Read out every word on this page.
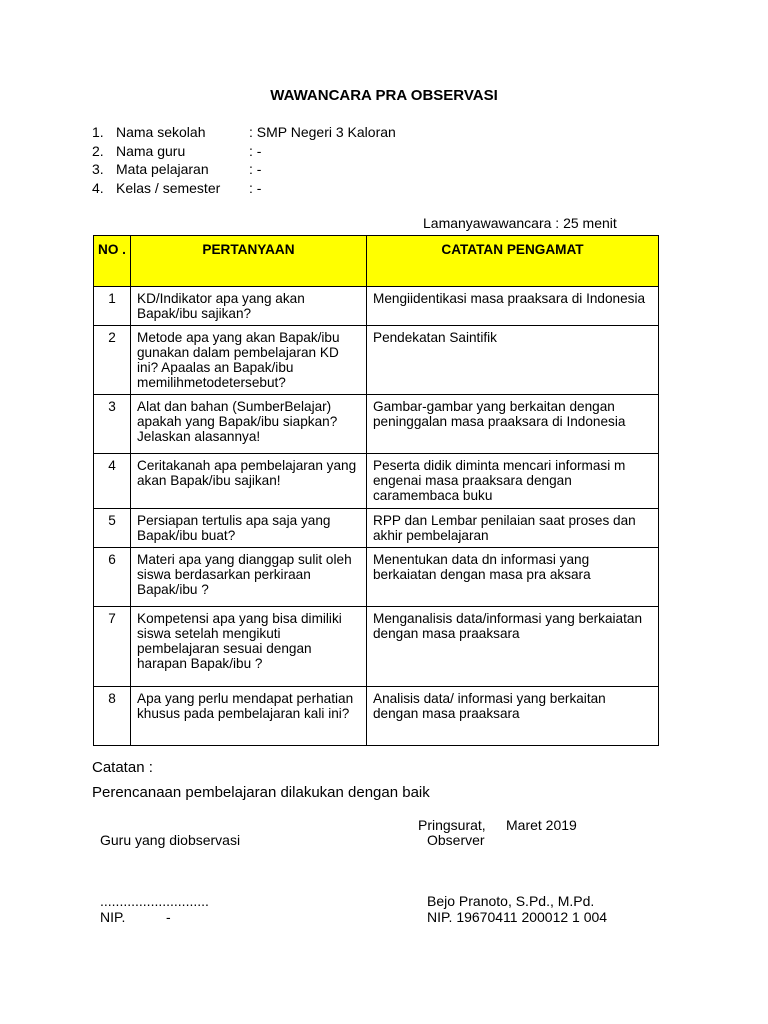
WAWANCARA PRA OBSERVASI
1. Nama sekolah	: SMP Negeri 3 Kaloran
2. Nama guru	: -
3. Mata pelajaran	: -
4. Kelas / semester : -
Lamanyawawancara : 25 menit
NO .	PERTANYAAN	CATATAN PENGAMAT
1	KD/Indikator apa yang akan Bapak/ibu sajikan?	Mengiidentikasi masa praaksara di Indonesia
2	Metode apa yang akan Bapak/ibu gunakan dalam pembelajaran KD ini? Apaalas an Bapak/ibu memilihmetodetersebut?	Pendekatan Saintifik
3	Alat dan bahan (SumberBelajar) apakah yang Bapak/ibu siapkan? Jelaskan alasannya!	Gambar-gambar yang berkaitan dengan peninggalan masa praaksara di Indonesia
4	Ceritakanah apa pembelajaran yang akan Bapak/ibu sajikan!	Peserta didik diminta mencari informasi m engenai masa praaksara dengan caramembaca buku
5	Persiapan tertulis apa saja yang Bapak/ibu buat?	RPP dan Lembar penilaian saat proses dan akhir pembelajaran
6	Materi apa yang dianggap sulit oleh siswa berdasarkan perkiraan Bapak/ibu ?	Menentukan data dn informasi yang berkaiatan dengan masa pra aksara
7	Kompetensi apa yang bisa dimiliki siswa setelah mengikuti pembelajaran sesuai dengan harapan Bapak/ibu ?	Menganalisis data/informasi yang berkaiatan dengan masa praaksara
8	Apa yang perlu mendapat perhatian khusus pada pembelajaran kali ini?	Analisis data/ informasi yang berkaitan dengan masa praaksara
Catatan :
Perencanaan pembelajaran dilakukan dengan baik
Pringsurat, Maret 2019
Guru yang diobservasi	Observer
............................	Bejo Pranoto, S.Pd., M.Pd.
NIP.	-	NIP. 19670411 200012 1 004
